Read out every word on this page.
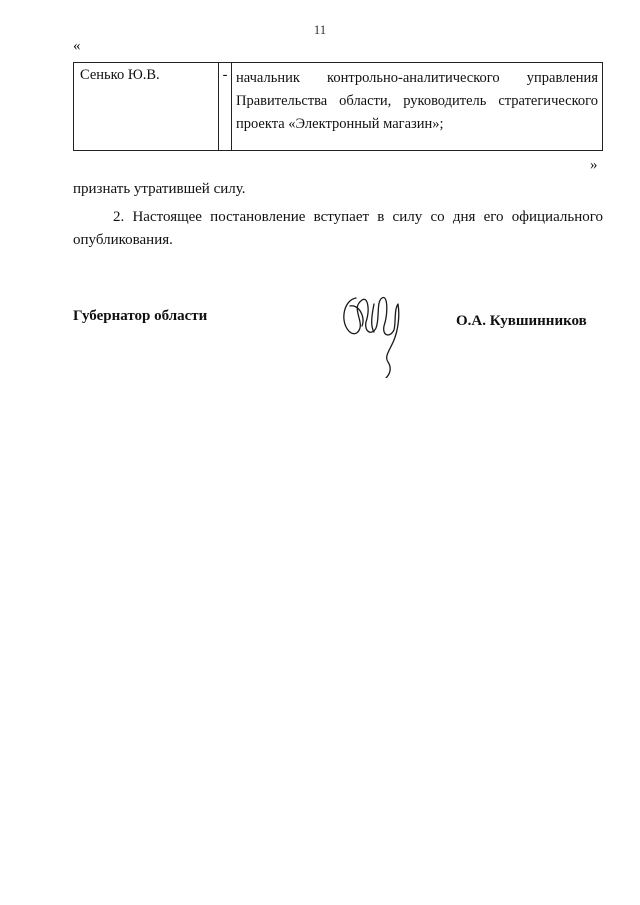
11
«
Сенько Ю.В.	- начальник контрольно-аналитического управления Правительства области, руководитель стратегического проекта «Электронный магазин»;

»
признать утратившей силу.

2. Настоящее постановление вступает в силу со дня его официального опубликования.

Губернатор области	О.А. Кувшинников
